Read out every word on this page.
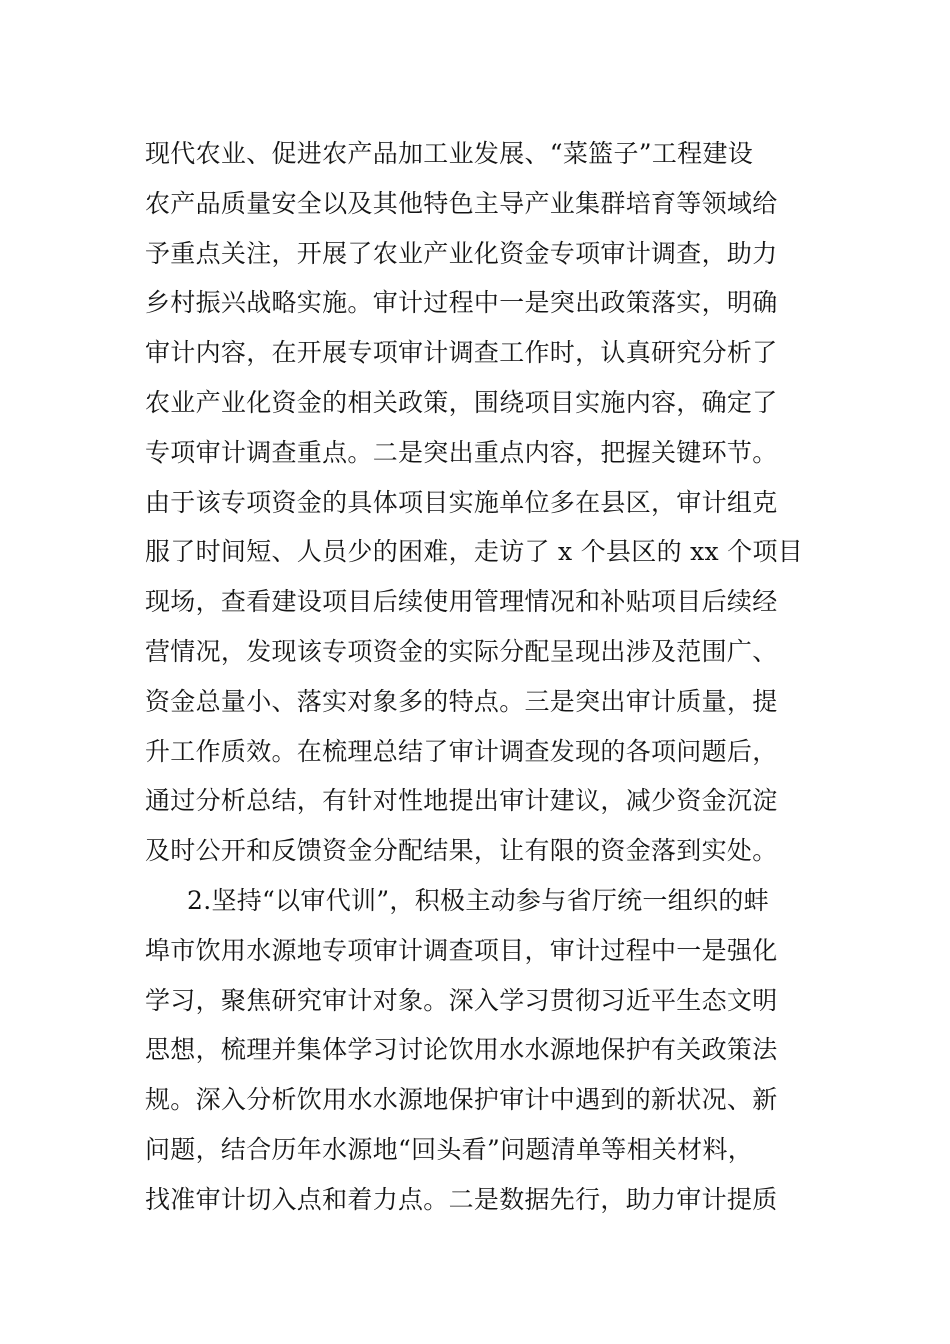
现代农业、促进农产品加工业发展、“菜篮子”工程建设
农产品质量安全以及其他特色主导产业集群培育等领域给
予重点关注，开展了农业产业化资金专项审计调查，助力
乡村振兴战略实施。审计过程中一是突出政策落实，明确
审计内容，在开展专项审计调查工作时，认真研究分析了
农业产业化资金的相关政策，围绕项目实施内容，确定了
专项审计调查重点。二是突出重点内容，把握关键环节。
由于该专项资金的具体项目实施单位多在县区，审计组克
服了时间短、人员少的困难，走访了 x 个县区的 xx 个项目
现场，查看建设项目后续使用管理情况和补贴项目后续经
营情况，发现该专项资金的实际分配呈现出涉及范围广、
资金总量小、落实对象多的特点。三是突出审计质量，提
升工作质效。在梳理总结了审计调查发现的各项问题后，
通过分析总结，有针对性地提出审计建议，减少资金沉淀
及时公开和反馈资金分配结果，让有限的资金落到实处。
2.坚持“以审代训”，积极主动参与省厅统一组织的蚌
埠市饮用水源地专项审计调查项目，审计过程中一是强化
学习，聚焦研究审计对象。深入学习贯彻习近平生态文明
思想，梳理并集体学习讨论饮用水水源地保护有关政策法
规。深入分析饮用水水源地保护审计中遇到的新状况、新
问题，结合历年水源地“回头看”问题清单等相关材料，
找准审计切入点和着力点。二是数据先行，助力审计提质
